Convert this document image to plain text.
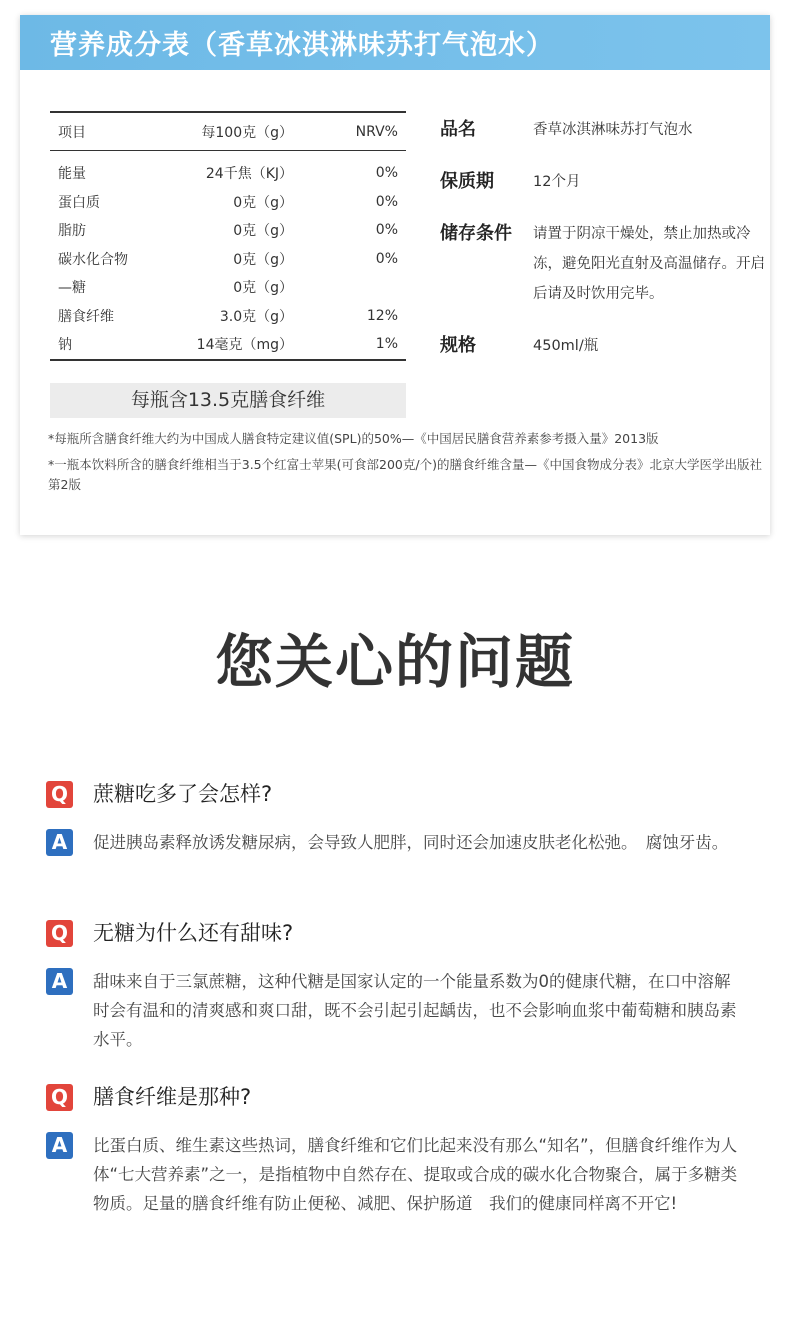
营养成分表（香草冰淇淋味苏打气泡水）
项目	每100克（g）	NRV%
能量	24千焦（KJ）	0%
蛋白质	0克（g）	0%
脂肪	0克（g）	0%
碳水化合物	0克（g）	0%
—糖	0克（g）
膳食纤维	3.0克（g）	12%
钠	14毫克（mg）	1%
每瓶含13.5克膳食纤维
品名	香草冰淇淋味苏打气泡水
保质期	12个月
储存条件	请置于阴凉干燥处，禁止加热或冷冻，避免阳光直射及高温储存。开启后请及时饮用完毕。
规格	450ml/瓶

*每瓶所含膳食纤维大约为中国成人膳食特定建议值(SPL)的50%—《中国居民膳食营养素参考摄入量》2013版

*一瓶本饮料所含的膳食纤维相当于3.5个红富士苹果(可食部200克/个)的膳食纤维含量—《中国食物成分表》北京大学医学出版社第2版

您关心的问题
Q 蔗糖吃多了会怎样?
A	促进胰岛素释放诱发糖尿病，会导致人肥胖，同时还会加速皮肤老化松弛。　腐蚀牙齿。
Q 无糖为什么还有甜味?
A	甜味来自于三氯蔗糖，这种代糖是国家认定的一个能量系数为0的健康代糖，在口中溶解时会有温和的清爽感和爽口甜，既不会引起引起龋齿，也不会影响血浆中葡萄糖和胰岛素水平。
Q 膳食纤维是那种?
A	比蛋白质、维生素这些热词，膳食纤维和它们比起来没有那么“知名”，但膳食纤维作为人体“七大营养素”之一，是指植物中自然存在、提取或合成的碳水化合物聚合，属于多糖类物质。足量的膳食纤维有防止便秘、减肥、保护肠道　我们的健康同样离不开它!
